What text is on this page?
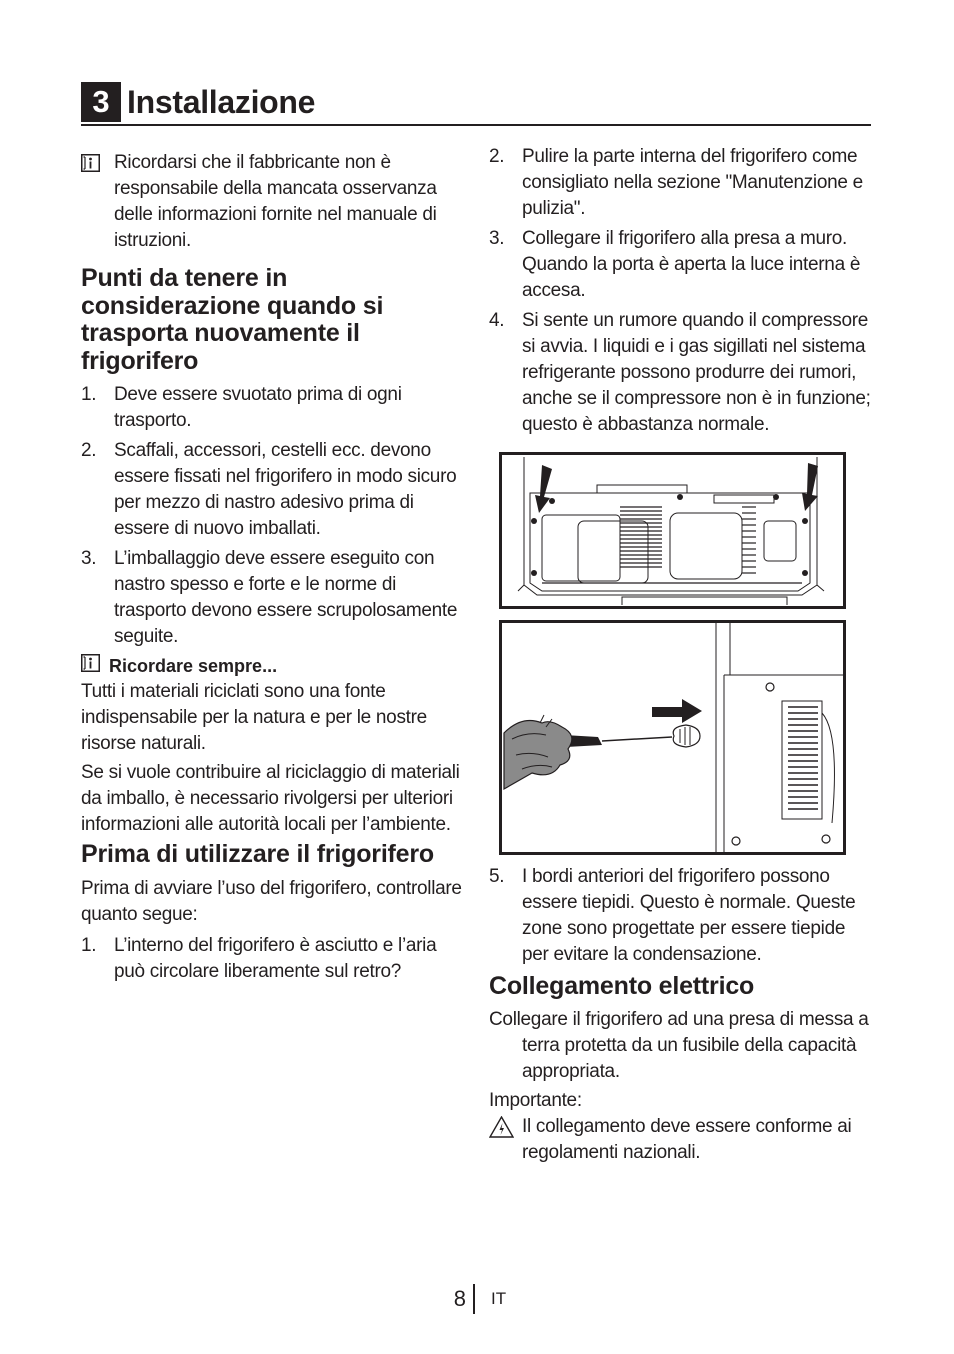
3 Installazione

Ricordarsi che il fabbricante non è responsabile della mancata osservanza delle informazioni fornite nel manuale di istruzioni.

Punti da tenere in considerazione quando si trasporta nuovamente il frigorifero
1. Deve essere svuotato prima di ogni trasporto.
2. Scaffali, accessori, cestelli ecc. devono essere fissati nel frigorifero in modo sicuro per mezzo di nastro adesivo prima di essere di nuovo imballati.
3. L’imballaggio deve essere eseguito con nastro spesso e forte e le norme di trasporto devono essere scrupolosamente seguite.
Ricordare sempre...

Tutti i materiali riciclati sono una fonte indispensabile per la natura e per le nostre risorse naturali.

Se si vuole contribuire al riciclaggio di materiali da imballo, è necessario rivolgersi per ulteriori informazioni alle autorità locali per l’ambiente.

Prima di utilizzare il frigorifero

Prima di avviare l’uso del frigorifero, controllare quanto segue:

1. L’interno del frigorifero è asciutto e l’aria può circolare liberamente sul retro?
2. Pulire la parte interna del frigorifero come consigliato nella sezione "Manutenzione e pulizia".
3. Collegare il frigorifero alla presa a muro. Quando la porta è aperta la luce interna è accesa.
4. Si sente un rumore quando il compressore si avvia. I liquidi e i gas sigillati nel sistema refrigerante possono produrre dei rumori, anche se il compressore non è in funzione; questo è abbastanza normale.
5. I bordi anteriori del frigorifero possono essere tiepidi. Questo è normale. Queste zone sono progettate per essere tiepide per evitare la condensazione.
Collegamento elettrico

Collegare il frigorifero ad una presa di messa a terra protetta da un fusibile della capacità appropriata.

Importante:

Il collegamento deve essere conforme ai regolamenti nazionali.

8 IT
